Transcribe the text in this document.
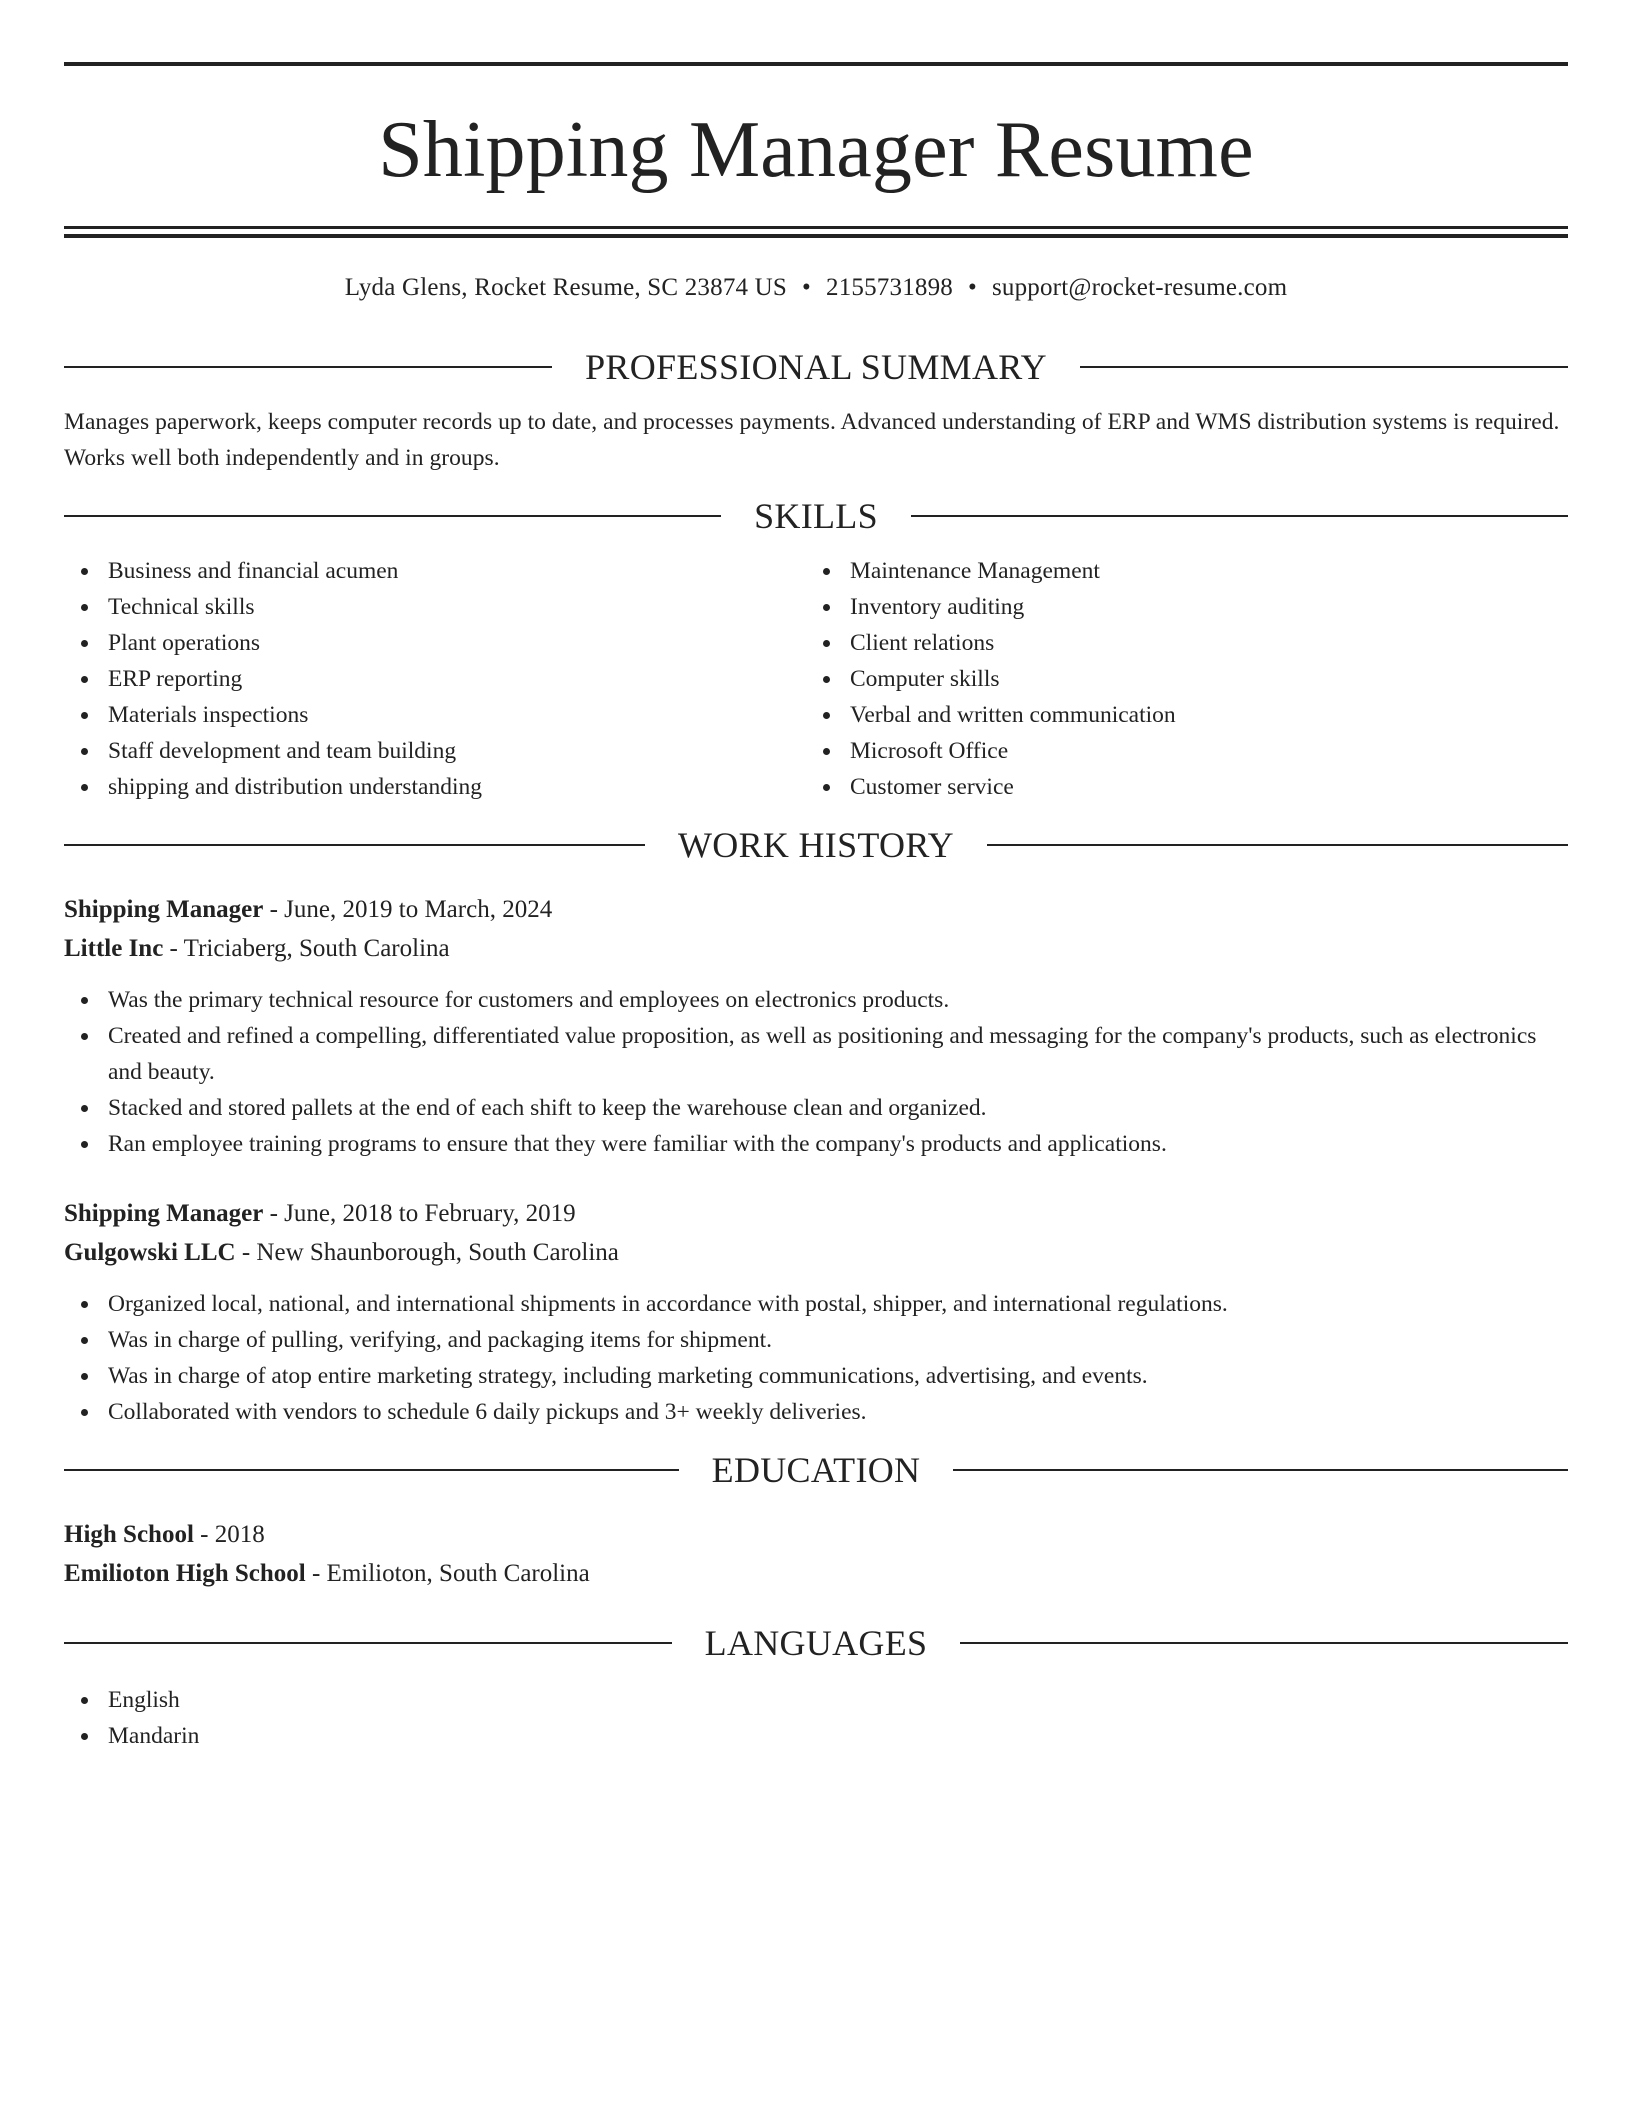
Shipping Manager Resume
Lyda Glens, Rocket Resume, SC 23874 US • 2155731898 • support@rocket-resume.com
PROFESSIONAL SUMMARY

Manages paperwork, keeps computer records up to date, and processes payments. Advanced understanding of ERP and WMS distribution systems is required. Works well both independently and in groups.

SKILLS
Business and financial acumen
Technical skills
Plant operations
ERP reporting
Materials inspections
Staff development and team building
shipping and distribution understanding
Maintenance Management
Inventory auditing
Client relations
Computer skills
Verbal and written communication
Microsoft Office
Customer service
WORK HISTORY
Shipping Manager - June, 2019 to March, 2024
Little Inc - Triciaberg, South Carolina
Was the primary technical resource for customers and employees on electronics products.
Created and refined a compelling, differentiated value proposition, as well as positioning and messaging for the company's products, such as electronics and beauty.
Stacked and stored pallets at the end of each shift to keep the warehouse clean and organized.
Ran employee training programs to ensure that they were familiar with the company's products and applications.
Shipping Manager - June, 2018 to February, 2019
Gulgowski LLC - New Shaunborough, South Carolina
Organized local, national, and international shipments in accordance with postal, shipper, and international regulations.
Was in charge of pulling, verifying, and packaging items for shipment.
Was in charge of atop entire marketing strategy, including marketing communications, advertising, and events.
Collaborated with vendors to schedule 6 daily pickups and 3+ weekly deliveries.
EDUCATION
High School - 2018
Emilioton High School - Emilioton, South Carolina
LANGUAGES
English
Mandarin
